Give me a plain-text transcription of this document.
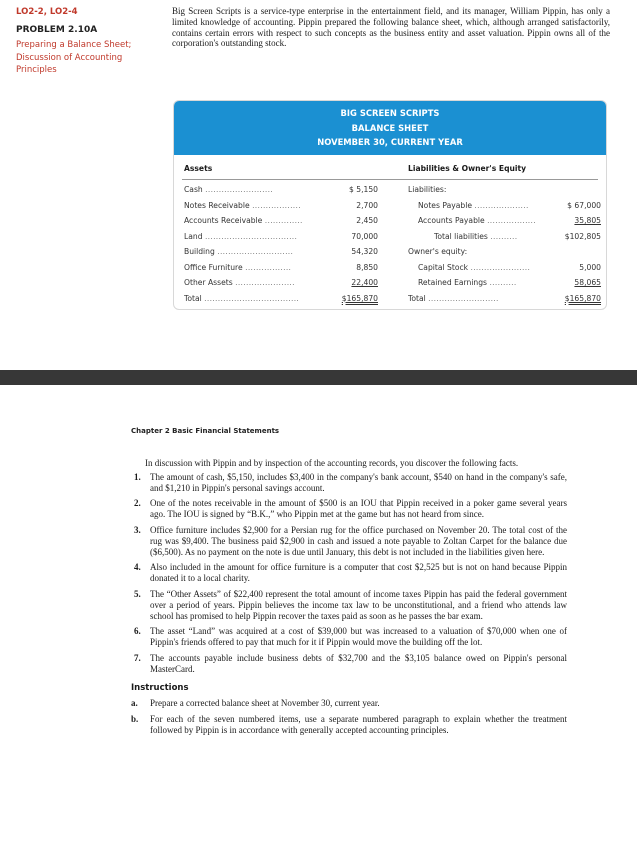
LO2-2, LO2-4
PROBLEM 2.10A
Preparing a Balance Sheet; Discussion of Accounting Principles
Big Screen Scripts is a service-type enterprise in the entertainment field, and its manager, William Pippin, has only a limited knowledge of accounting. Pippin prepared the following balance sheet, which, although arranged satisfactorily, contains certain errors with respect to such concepts as the business entity and asset valuation. Pippin owns all of the corporation's outstanding stock.
BIG SCREEN SCRIPTS
BALANCE SHEET
NOVEMBER 30, CURRENT YEAR
Assets	Liabilities & Owner's Equity
Cash .........................	$ 5,150	Liabilities:
Notes Receivable ..................	2,700	Notes Payable ....................	$ 67,000
Accounts Receivable ..............	2,450	Accounts Payable ..................	35,805
Land ..................................	70,000	Total liabilities ..........	$102,805
Building ............................	54,320	Owner's equity:
Office Furniture .................	8,850	Capital Stock ......................	5,000
Other Assets ......................	22,400	Retained Earnings ..........	58,065
Total ...................................	$165,870	Total ..........................	$165,870
Chapter 2 Basic Financial Statements

In discussion with Pippin and by inspection of the accounting records, you discover the following facts.

1. The amount of cash, $5,150, includes $3,400 in the company's bank account, $540 on hand in the company's safe, and $1,210 in Pippin's personal savings account.
2. One of the notes receivable in the amount of $500 is an IOU that Pippin received in a poker game several years ago. The IOU is signed by “B.K.,” who Pippin met at the game but has not heard from since.
3. Office furniture includes $2,900 for a Persian rug for the office purchased on November 20. The total cost of the rug was $9,400. The business paid $2,900 in cash and issued a note payable to Zoltan Carpet for the balance due ($6,500). As no payment on the note is due until January, this debt is not included in the liabilities given here.
4. Also included in the amount for office furniture is a computer that cost $2,525 but is not on hand because Pippin donated it to a local charity.
5. The “Other Assets” of $22,400 represent the total amount of income taxes Pippin has paid the federal government over a period of years. Pippin believes the income tax law to be unconstitutional, and a friend who attends law school has promised to help Pippin recover the taxes paid as soon as he passes the bar exam.
6. The asset “Land” was acquired at a cost of $39,000 but was increased to a valuation of $70,000 when one of Pippin's friends offered to pay that much for it if Pippin would move the building off the lot.
7. The accounts payable include business debts of $32,700 and the $3,105 balance owed on Pippin's personal MasterCard.
Instructions
a. Prepare a corrected balance sheet at November 30, current year.
b. For each of the seven numbered items, use a separate numbered paragraph to explain whether the treatment followed by Pippin is in accordance with generally accepted accounting principles.
